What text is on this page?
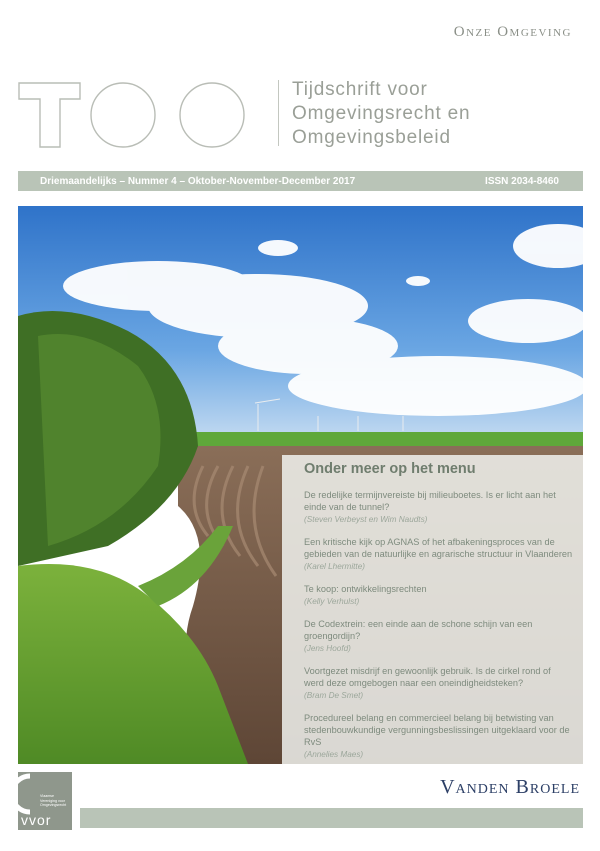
Onze Omgeving
Tijdschrift voor
Omgevingsrecht en
Omgevingsbeleid
Driemaandelijks – Nummer 4 – Oktober-November-December 2017	ISSN 2034-8460
Onder meer op het menu
De redelijke termijnvereiste bij milieuboetes. Is er licht aan het einde van de tunnel?
(Steven Verbeyst en Wim Naudts)
Een kritische kijk op AGNAS of het afbakeningsproces van de gebieden van de natuurlijke en agrarische structuur in Vlaanderen
(Karel Lhermitte)
Te koop: ontwikkelingsrechten
(Kelly Verhulst)
De Codextrein: een einde aan de schone schijn van een groengordijn?
(Jens Hoofd)
Voortgezet misdrijf en gewoonlijk gebruik. Is de cirkel rond of werd deze omgebogen naar een oneindigheidsteken?
(Bram De Smet)
Procedureel belang en commercieel belang bij betwisting van stedenbouwkundige vergunningsbeslissingen uitgeklaard voor de RvS
(Annelies Maes)
Vlaamse
Vereniging voor
Omgevingsrecht
vvor
Vanden Broele
